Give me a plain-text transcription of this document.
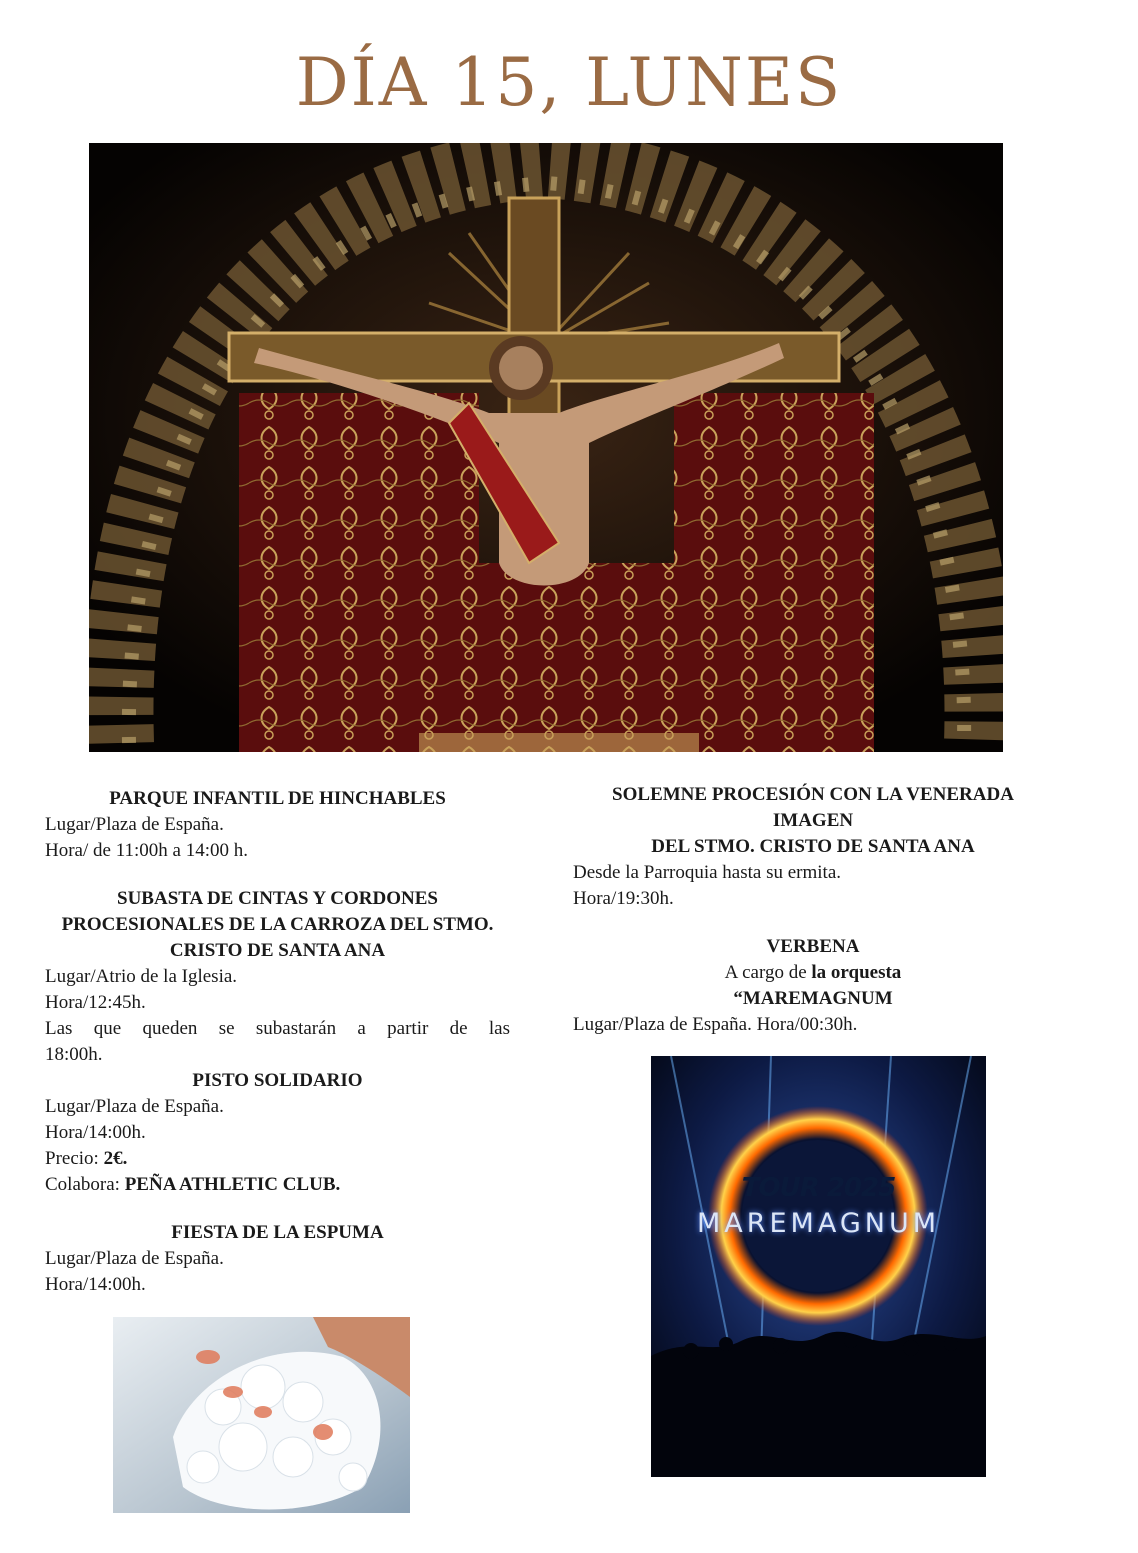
DÍA 15, LUNES
PARQUE INFANTIL DE HINCHABLES
Lugar/Plaza de España.
Hora/ de 11:00h a 14:00 h.
SUBASTA DE CINTAS Y CORDONES
PROCESIONALES DE LA CARROZA DEL STMO.
CRISTO DE SANTA ANA
Lugar/Atrio de la Iglesia.
Hora/12:45h.
Las que queden se subastarán a partir de las
18:00h.
PISTO SOLIDARIO
Lugar/Plaza de España.
Hora/14:00h.
Precio: 2€.
Colabora: PEÑA ATHLETIC CLUB.
FIESTA DE LA ESPUMA
Lugar/Plaza de España.
Hora/14:00h.
SOLEMNE PROCESIÓN CON LA VENERADA
IMAGEN
DEL STMO. CRISTO DE SANTA ANA
Desde la Parroquia hasta su ermita.
Hora/19:30h.
VERBENA
A cargo de la orquesta
“MAREMAGNUM
Lugar/Plaza de España. Hora/00:30h.
TOUR 2025
MAREMAGNUM
